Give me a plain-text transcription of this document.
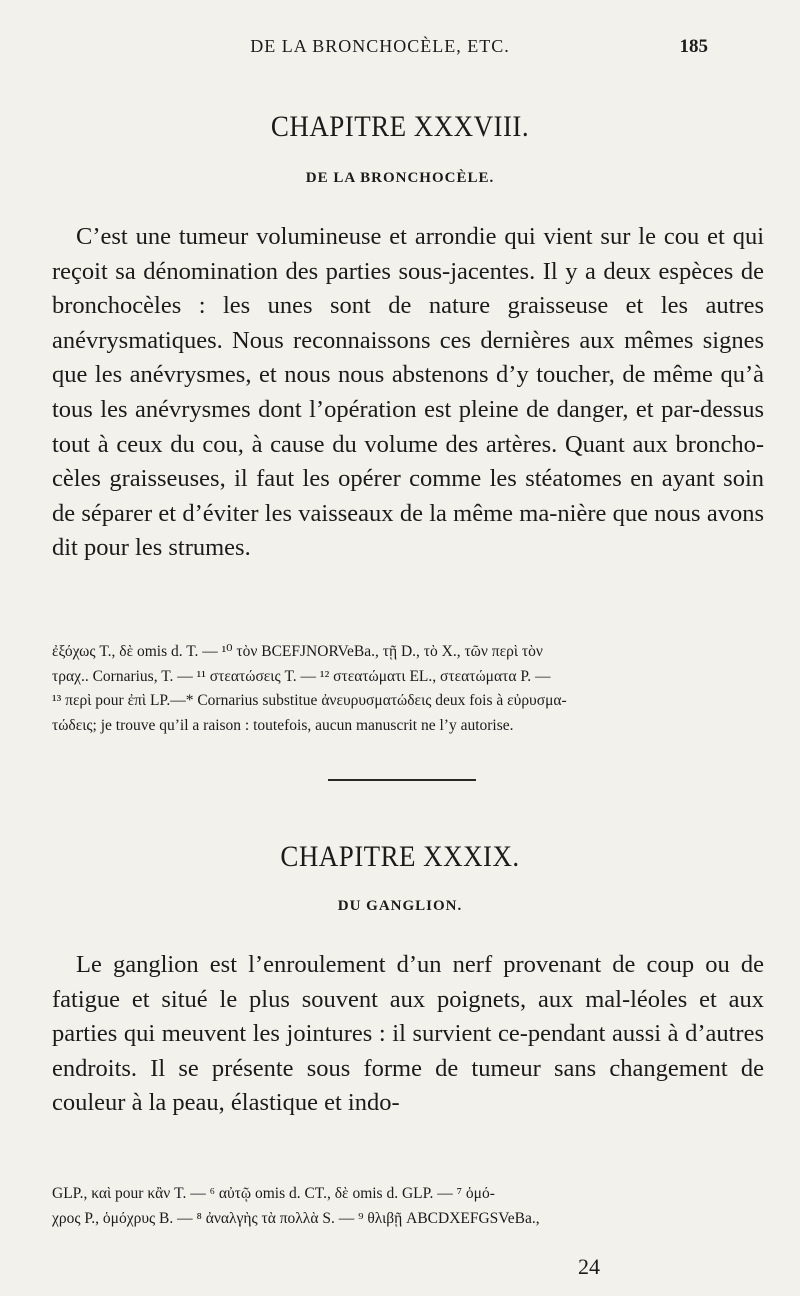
DE LA BRONCHOCÈLE, ETC.	185
CHAPITRE XXXVIII.
DE LA BRONCHOCÈLE.

C’est une tumeur volumineuse et arrondie qui vient sur le cou et qui reçoit sa dénomination des parties sous-jacentes. Il y a deux espèces de bronchocèles : les unes sont de nature graisseuse et les autres anévrysmatiques. Nous reconnaissons ces dernières aux mêmes signes que les anévrysmes, et nous nous abstenons d’y toucher, de même qu’à tous les anévrysmes dont l’opération est pleine de danger, et par-dessus tout à ceux du cou, à cause du volume des artères. Quant aux broncho-cèles graisseuses, il faut les opérer comme les stéatomes en ayant soin de séparer et d’éviter les vaisseaux de la même ma-nière que nous avons dit pour les strumes.

ἐξόχως T., δὲ omis d. T. — ¹⁰ τὸν BCEFJNORVeBa., τῇ D., τὸ X., τῶν περὶ τὸν
τραχ.. Cornarius, T. — ¹¹ στεατώσεις T. — ¹² στεατώματι EL., στεατώματα P. —
¹³ περὶ pour ἐπὶ LP.—* Cornarius substitue ἀνευρυσματώδεις deux fois à εὐρυσμα-
τώδεις; je trouve qu’il a raison : toutefois, aucun manuscrit ne l’y autorise.
CHAPITRE XXXIX.
DU GANGLION.

Le ganglion est l’enroulement d’un nerf provenant de coup ou de fatigue et situé le plus souvent aux poignets, aux mal-léoles et aux parties qui meuvent les jointures : il survient ce-pendant aussi à d’autres endroits. Il se présente sous forme de tumeur sans changement de couleur à la peau, élastique et indo-

GLP., καὶ pour κἂν T. — ⁶ αὐτῷ omis d. CT., δὲ omis d. GLP. — ⁷ ὁμό-
χρος P., ὁμόχρυς B. — ⁸ ἀναλγὴς τὰ πολλὰ S. — ⁹ θλιβῇ ABCDXEFGSVeBa.,
24
